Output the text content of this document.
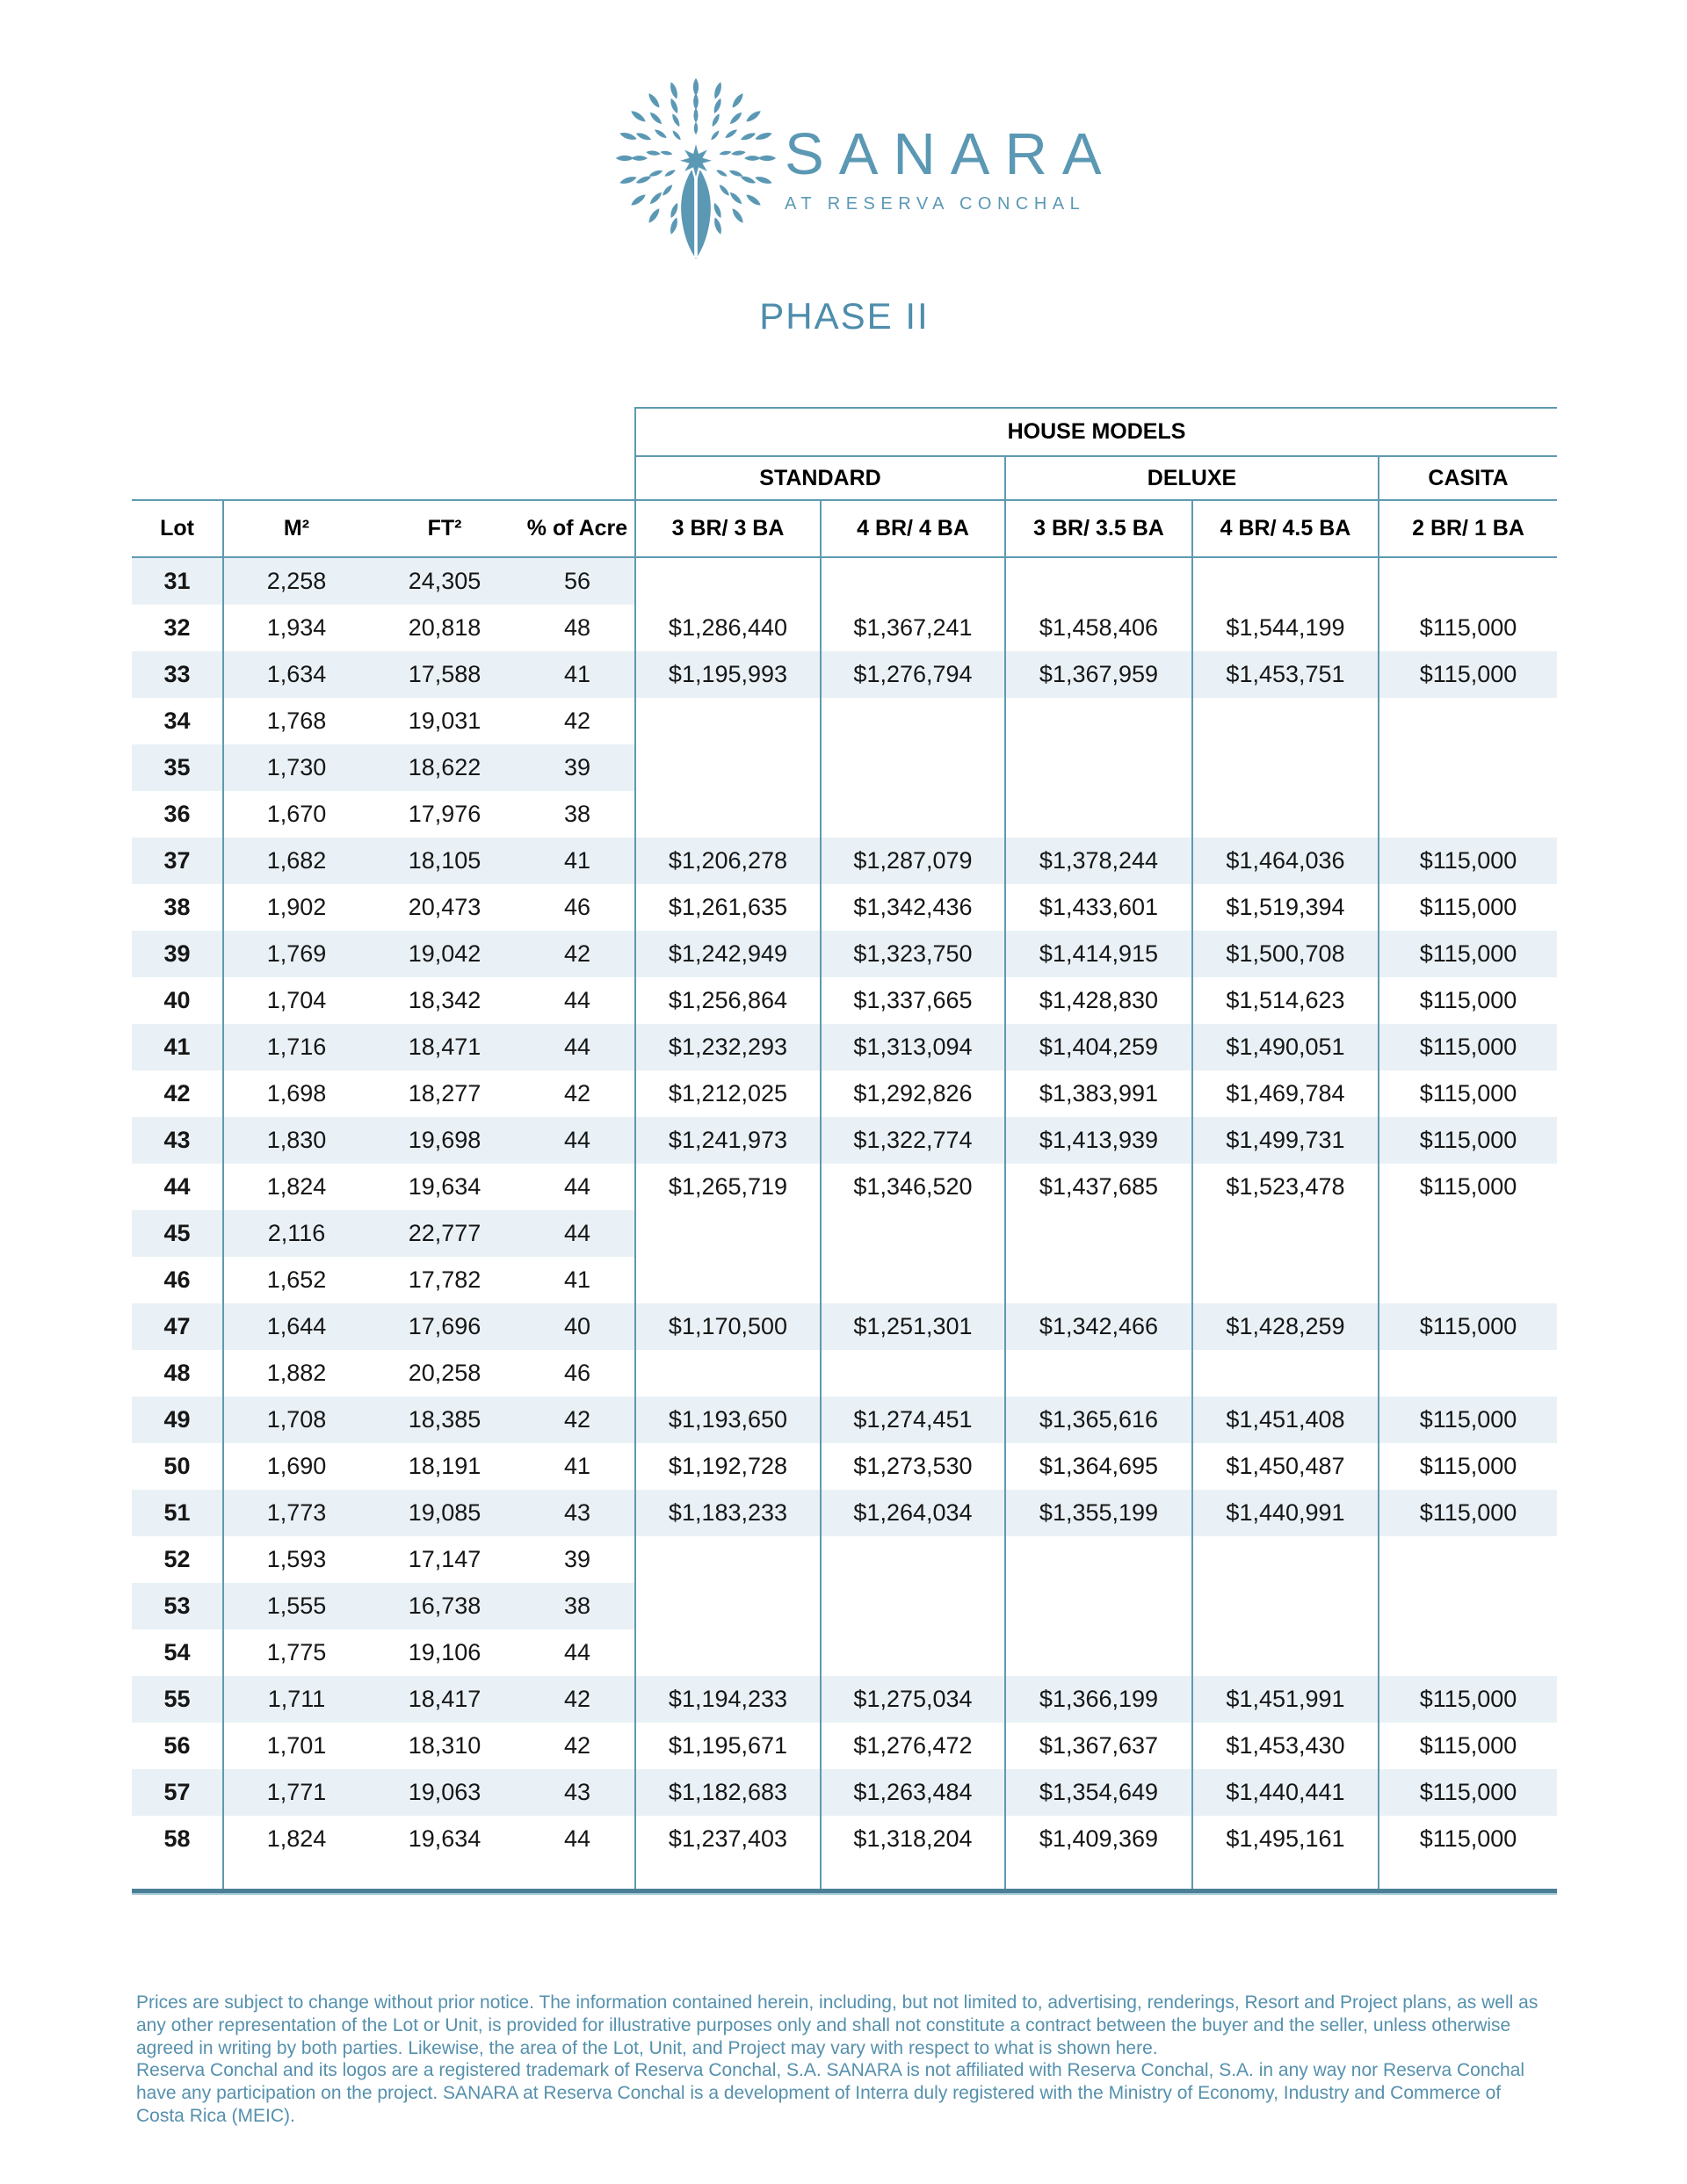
SANARA
AT RESERVA CONCHAL
PHASE II
HOUSE MODELS
STANDARD	DELUXE	CASITA
Lot	M²	FT²	% of Acre	3 BR/ 3 BA	4 BR/ 4 BA	3 BR/ 3.5 BA	4 BR/ 4.5 BA	2 BR/ 1 BA
31	2,258	24,305	56
32	1,934	20,818	48	$1,286,440	$1,367,241	$1,458,406	$1,544,199	$115,000
33	1,634	17,588	41	$1,195,993	$1,276,794	$1,367,959	$1,453,751	$115,000
34	1,768	19,031	42
35	1,730	18,622	39
36	1,670	17,976	38
37	1,682	18,105	41	$1,206,278	$1,287,079	$1,378,244	$1,464,036	$115,000
38	1,902	20,473	46	$1,261,635	$1,342,436	$1,433,601	$1,519,394	$115,000
39	1,769	19,042	42	$1,242,949	$1,323,750	$1,414,915	$1,500,708	$115,000
40	1,704	18,342	44	$1,256,864	$1,337,665	$1,428,830	$1,514,623	$115,000
41	1,716	18,471	44	$1,232,293	$1,313,094	$1,404,259	$1,490,051	$115,000
42	1,698	18,277	42	$1,212,025	$1,292,826	$1,383,991	$1,469,784	$115,000
43	1,830	19,698	44	$1,241,973	$1,322,774	$1,413,939	$1,499,731	$115,000
44	1,824	19,634	44	$1,265,719	$1,346,520	$1,437,685	$1,523,478	$115,000
45	2,116	22,777	44
46	1,652	17,782	41
47	1,644	17,696	40	$1,170,500	$1,251,301	$1,342,466	$1,428,259	$115,000
48	1,882	20,258	46
49	1,708	18,385	42	$1,193,650	$1,274,451	$1,365,616	$1,451,408	$115,000
50	1,690	18,191	41	$1,192,728	$1,273,530	$1,364,695	$1,450,487	$115,000
51	1,773	19,085	43	$1,183,233	$1,264,034	$1,355,199	$1,440,991	$115,000
52	1,593	17,147	39
53	1,555	16,738	38
54	1,775	19,106	44
55	1,711	18,417	42	$1,194,233	$1,275,034	$1,366,199	$1,451,991	$115,000
56	1,701	18,310	42	$1,195,671	$1,276,472	$1,367,637	$1,453,430	$115,000
57	1,771	19,063	43	$1,182,683	$1,263,484	$1,354,649	$1,440,441	$115,000
58	1,824	19,634	44	$1,237,403	$1,318,204	$1,409,369	$1,495,161	$115,000

Prices are subject to change without prior notice. The information contained herein, including, but not limited to, advertising, renderings, Resort and Project plans, as well as any other representation of the Lot or Unit, is provided for illustrative purposes only and shall not constitute a contract between the buyer and the seller, unless otherwise agreed in writing by both parties. Likewise, the area of the Lot, Unit, and Project may vary with respect to what is shown here.

Reserva Conchal and its logos are a registered trademark of Reserva Conchal, S.A. SANARA is not affiliated with Reserva Conchal, S.A. in any way nor Reserva Conchal have any participation on the project. SANARA at Reserva Conchal is a development of Interra duly registered with the Ministry of Economy, Industry and Commerce of Costa Rica (MEIC).
